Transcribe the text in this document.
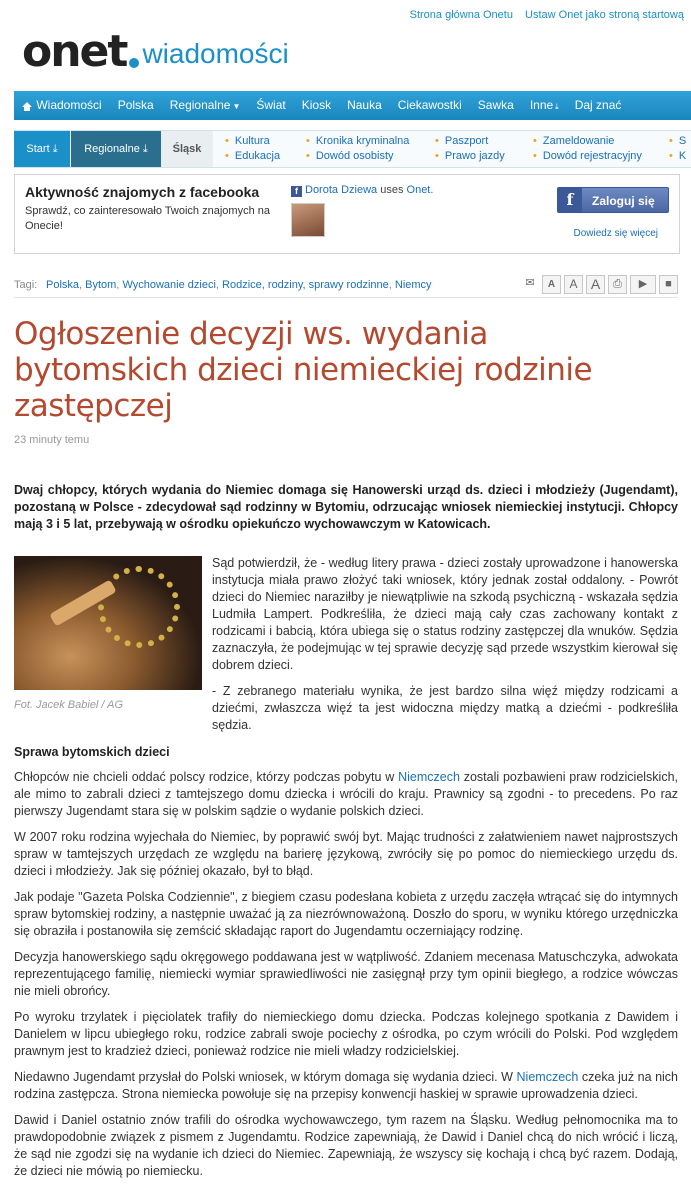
Strona główna Onetu Ustaw Onet jako stroną startową
onet wiadomości
Wiadomości	Polska	Regionalne ▼	Świat	Kiosk	Nauka	Ciekawostki	Sawka	Inne ⤓	Daj znać
Start ⤓	Regionalne ⤓	Śląsk
• Kultura
• Edukacja
• Kronika kryminalna
• Dowód osobisty
• Paszport
• Prawo jazdy
• Zameldowanie
• Dowód rejestracyjny
• S
• K
Aktywność znajomych z facebooka
Sprawdź, co zainteresowało Twoich znajomych na Onecie!
f Dorota Dziewa uses Onet.	f Zaloguj się
Dowiedz się więcej
Tagi: Polska, Bytom, Wychowanie dzieci, Rodzice, rodziny, sprawy rodzinne, Niemcy	✉	A	A A	⎙	▶	■
Ogłoszenie decyzji ws. wydania bytomskich dzieci niemieckiej rodzinie zastępczej
23 minuty temu
Dwaj chłopcy, których wydania do Niemiec domaga się Hanowerski urząd ds. dzieci i młodzieży (Jugendamt), pozostaną w Polsce - zdecydował sąd rodzinny w Bytomiu, odrzucając wniosek niemieckiej instytucji. Chłopcy mają 3 i 5 lat, przebywają w ośrodku opiekuńczo wychowawczym w Katowicach.
Fot. Jacek Babiel / AG

Sąd potwierdził, że - według litery prawa - dzieci zostały uprowadzone i hanowerska instytucja miała prawo złożyć taki wniosek, który jednak został oddalony. - Powrót dzieci do Niemiec naraziłby je niewątpliwie na szkodą psychiczną - wskazała sędzia Ludmiła Lampert. Podkreśliła, że dzieci mają cały czas zachowany kontakt z rodzicami i babcią, która ubiega się o status rodziny zastępczej dla wnuków. Sędzia zaznaczyła, że podejmując w tej sprawie decyzję sąd przede wszystkim kierował się dobrem dzieci.

- Z zebranego materiału wynika, że jest bardzo silna więź między rodzicami a dziećmi, zwłaszcza więź ta jest widoczna między matką a dziećmi - podkreśliła sędzia.

Sprawa bytomskich dzieci

Chłopców nie chcieli oddać polscy rodzice, którzy podczas pobytu w Niemczech zostali pozbawieni praw rodzicielskich, ale mimo to zabrali dzieci z tamtejszego domu dziecka i wrócili do kraju. Prawnicy są zgodni - to precedens. Po raz pierwszy Jugendamt stara się w polskim sądzie o wydanie polskich dzieci.

W 2007 roku rodzina wyjechała do Niemiec, by poprawić swój byt. Mając trudności z załatwieniem nawet najprostszych spraw w tamtejszych urzędach ze względu na barierę językową, zwróciły się po pomoc do niemieckiego urzędu ds. dzieci i młodzieży. Jak się później okazało, był to błąd.

Jak podaje "Gazeta Polska Codziennie", z biegiem czasu podesłana kobieta z urzędu zaczęła wtrącać się do intymnych spraw bytomskiej rodziny, a następnie uważać ją za niezrównoważoną. Doszło do sporu, w wyniku którego urzędniczka się obraziła i postanowiła się zemścić składając raport do Jugendamtu oczerniający rodzinę.

Decyzja hanowerskiego sądu okręgowego poddawana jest w wątpliwość. Zdaniem mecenasa Matuschczyka, adwokata reprezentującego familię, niemiecki wymiar sprawiedliwości nie zasięgnął przy tym opinii biegłego, a rodzice wówczas nie mieli obrońcy.

Po wyroku trzylatek i pięciolatek trafiły do niemieckiego domu dziecka. Podczas kolejnego spotkania z Dawidem i Danielem w lipcu ubiegłego roku, rodzice zabrali swoje pociechy z ośrodka, po czym wrócili do Polski. Pod względem prawnym jest to kradzież dzieci, ponieważ rodzice nie mieli władzy rodzicielskiej.

Niedawno Jugendamt przysłał do Polski wniosek, w którym domaga się wydania dzieci. W Niemczech czeka już na nich rodzina zastępcza. Strona niemiecka powołuje się na przepisy konwencji haskiej w sprawie uprowadzenia dzieci.

Dawid i Daniel ostatnio znów trafili do ośrodka wychowawczego, tym razem na Śląsku. Według pełnomocnika ma to prawdopodobnie związek z pismem z Jugendamtu. Rodzice zapewniają, że Dawid i Daniel chcą do nich wrócić i liczą, że sąd nie zgodzi się na wydanie ich dzieci do Niemiec. Zapewniają, że wszyscy się kochają i chcą być razem. Dodają, że dzieci nie mówią po niemiecku.
